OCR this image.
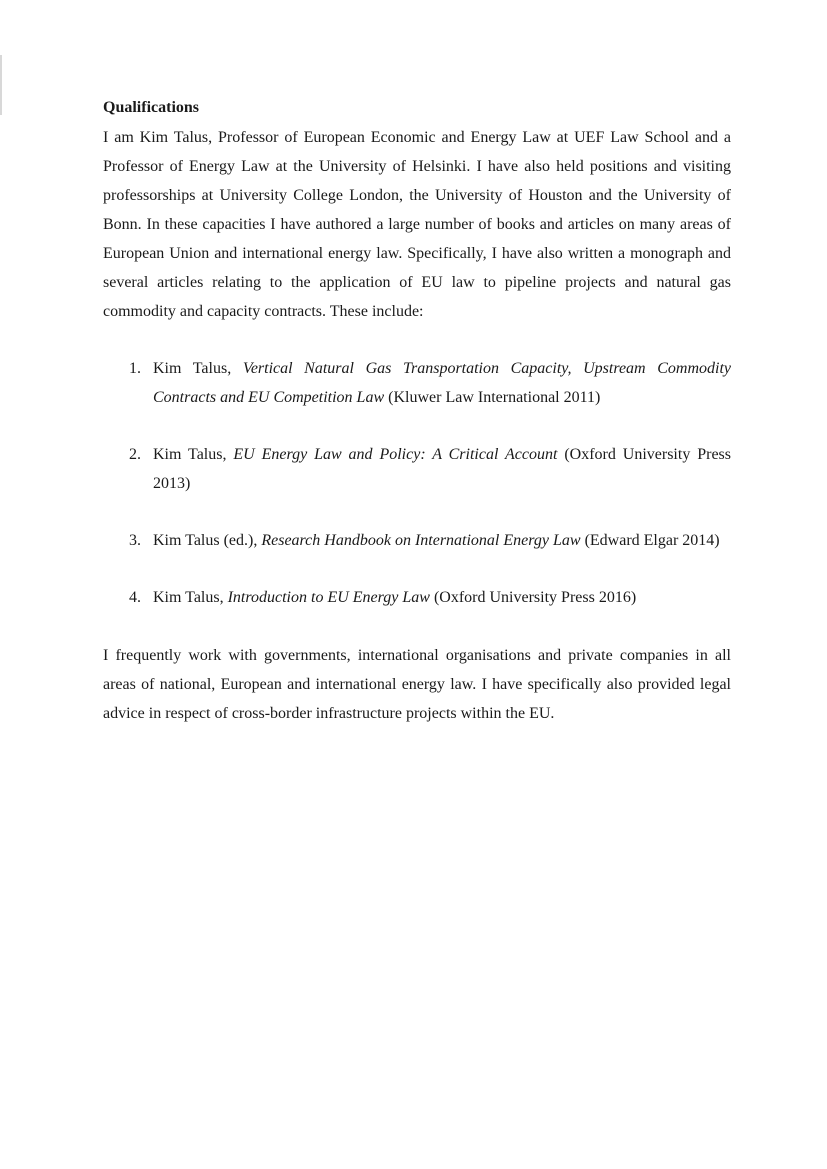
Qualifications

I am Kim Talus, Professor of European Economic and Energy Law at UEF Law School and a Professor of Energy Law at the University of Helsinki. I have also held positions and visiting professorships at University College London, the University of Houston and the University of Bonn. In these capacities I have authored a large number of books and articles on many areas of European Union and international energy law. Specifically, I have also written a monograph and several articles relating to the application of EU law to pipeline projects and natural gas commodity and capacity contracts. These include:

1. Kim Talus, Vertical Natural Gas Transportation Capacity, Upstream Commodity Contracts and EU Competition Law (Kluwer Law International 2011)
2. Kim Talus, EU Energy Law and Policy: A Critical Account (Oxford University Press 2013)
3. Kim Talus (ed.), Research Handbook on International Energy Law (Edward Elgar 2014)
4. Kim Talus, Introduction to EU Energy Law (Oxford University Press 2016)

I frequently work with governments, international organisations and private companies in all areas of national, European and international energy law. I have specifically also provided legal advice in respect of cross-border infrastructure projects within the EU.
